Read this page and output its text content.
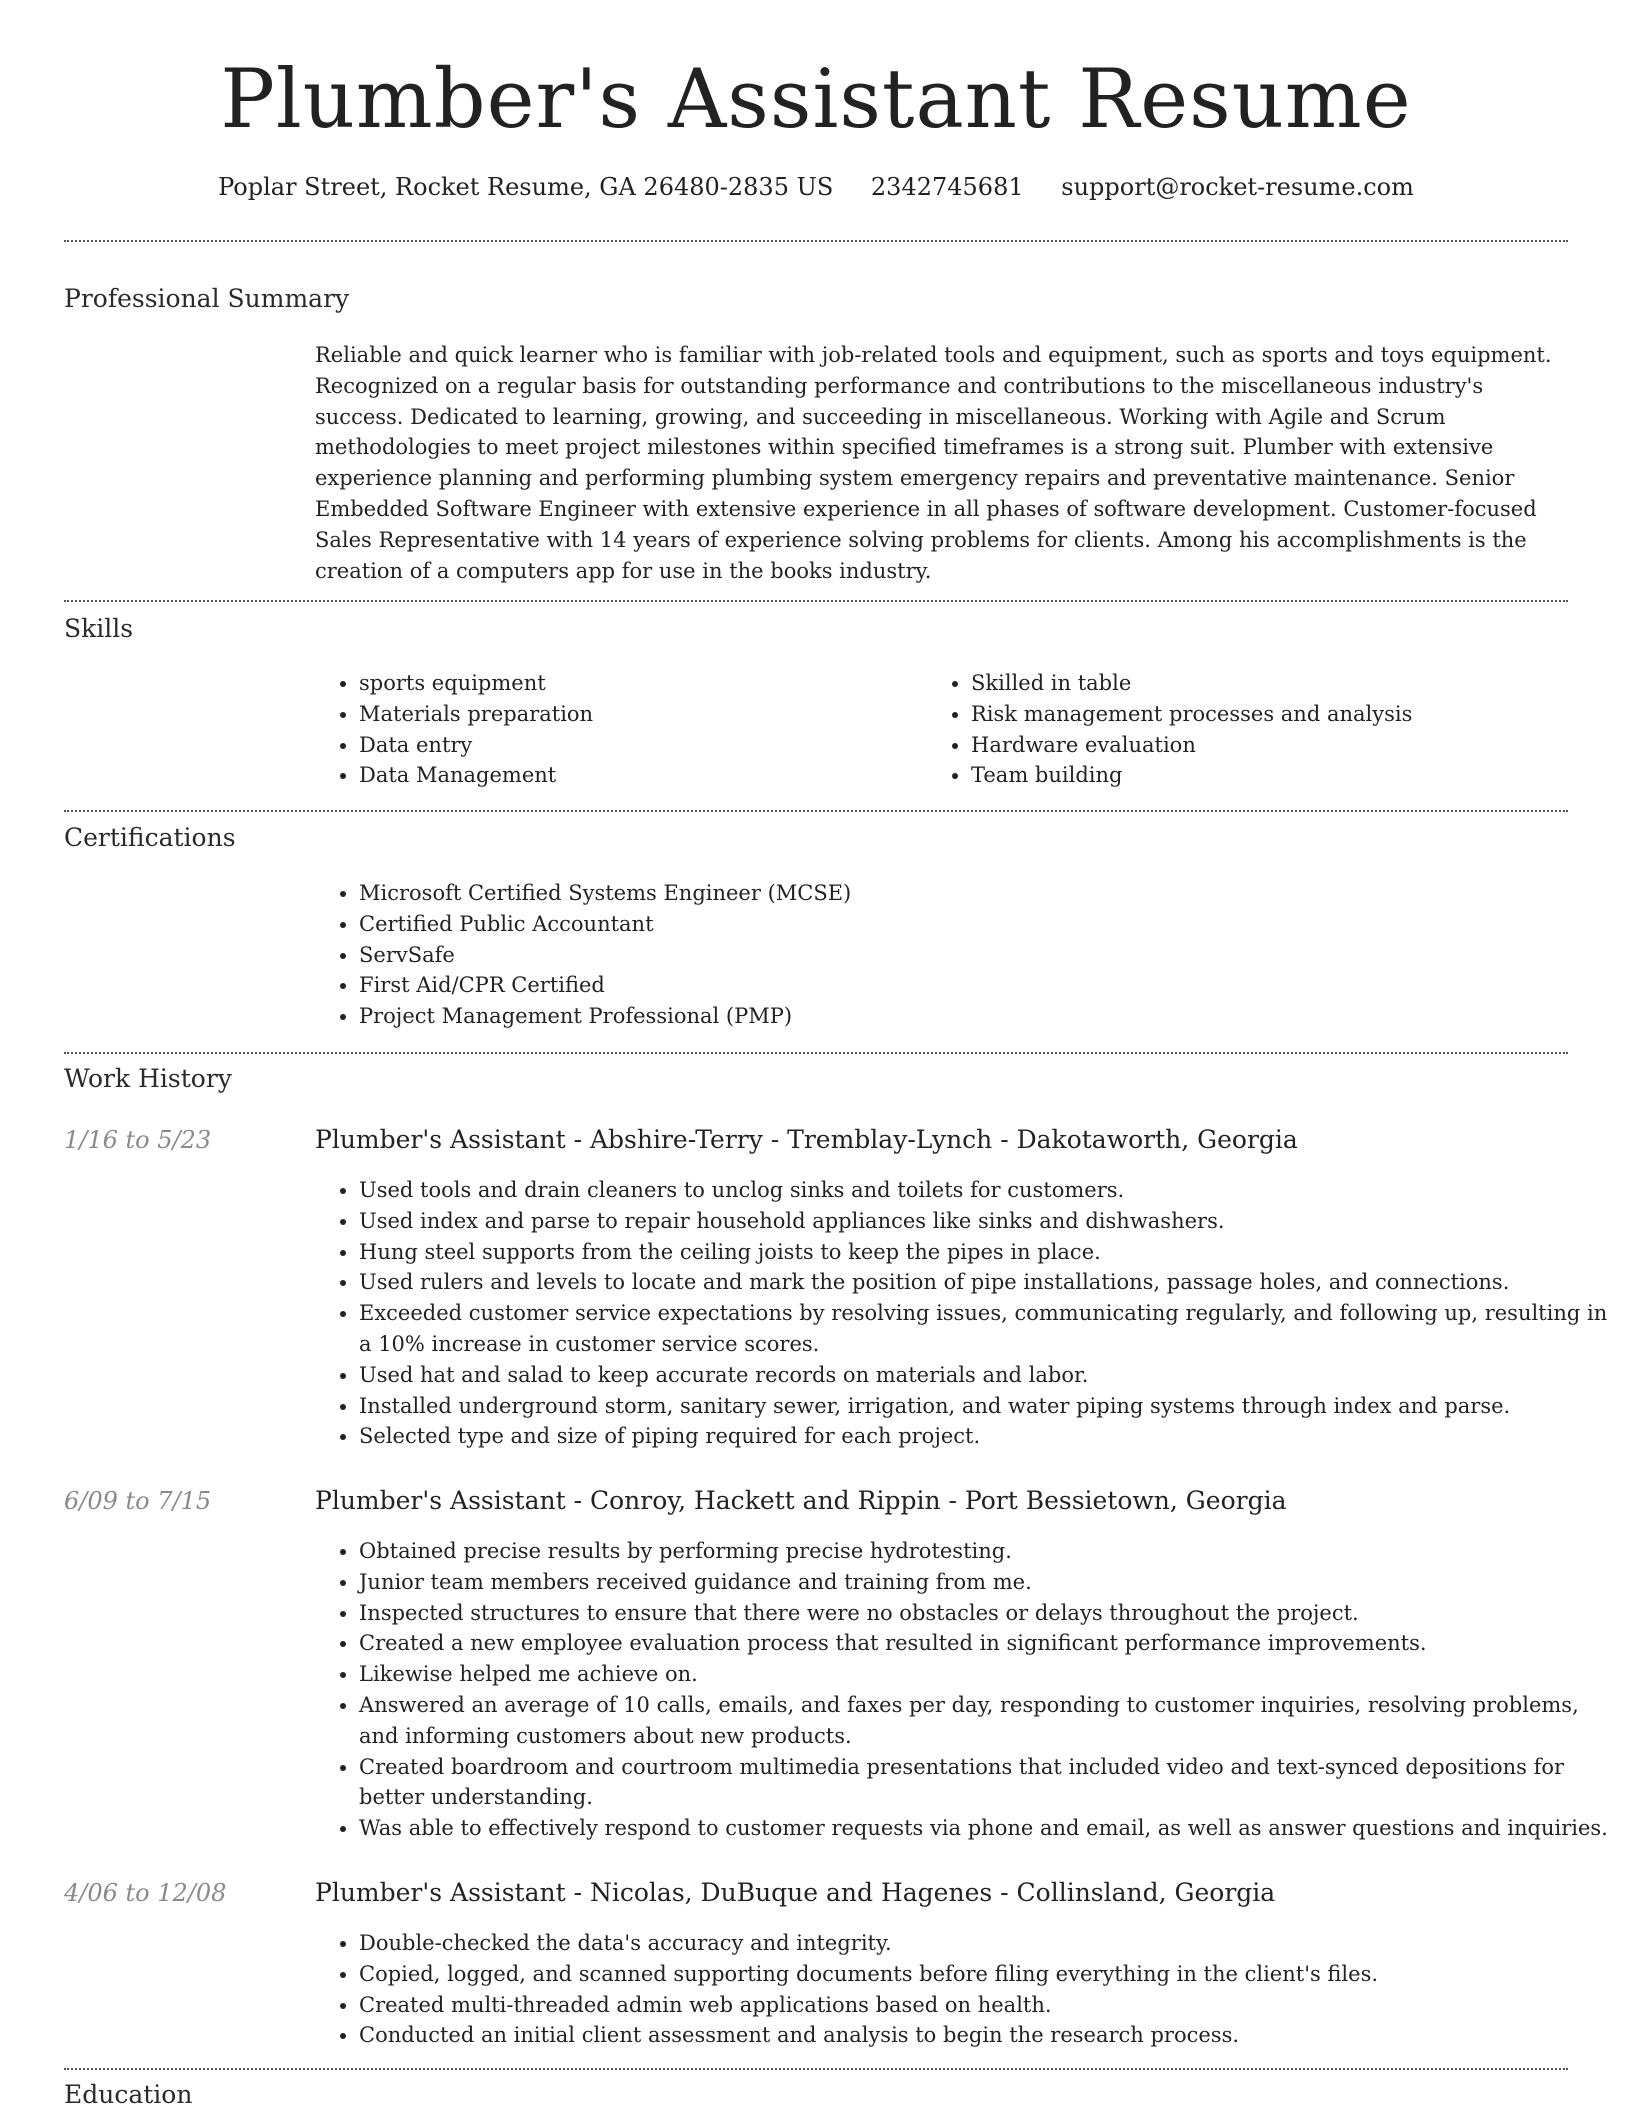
Plumber's Assistant Resume
Poplar Street, Rocket Resume, GA 26480-2835 US 2342745681 support@rocket-resume.com
Professional Summary
Reliable and quick learner who is familiar with job-related tools and equipment, such as sports and toys equipment. Recognized on a regular basis for outstanding performance and contributions to the miscellaneous industry's success. Dedicated to learning, growing, and succeeding in miscellaneous. Working with Agile and Scrum methodologies to meet project milestones within specified timeframes is a strong suit. Plumber with extensive experience planning and performing plumbing system emergency repairs and preventative maintenance. Senior Embedded Software Engineer with extensive experience in all phases of software development. Customer-focused Sales Representative with 14 years of experience solving problems for clients. Among his accomplishments is the creation of a computers app for use in the books industry.
Skills
• sports equipment
• Materials preparation
• Data entry
• Data Management
• Skilled in table
• Risk management processes and analysis
• Hardware evaluation
• Team building
Certifications
• Microsoft Certified Systems Engineer (MCSE)
• Certified Public Accountant
• ServSafe
• First Aid/CPR Certified
• Project Management Professional (PMP)
Work History
1/16 to 5/23	Plumber's Assistant - Abshire-Terry - Tremblay-Lynch - Dakotaworth, Georgia
• Used tools and drain cleaners to unclog sinks and toilets for customers.
• Used index and parse to repair household appliances like sinks and dishwashers.
• Hung steel supports from the ceiling joists to keep the pipes in place.
• Used rulers and levels to locate and mark the position of pipe installations, passage holes, and connections.
• Exceeded customer service expectations by resolving issues, communicating regularly, and following up, resulting in a 10% increase in customer service scores.
• Used hat and salad to keep accurate records on materials and labor.
• Installed underground storm, sanitary sewer, irrigation, and water piping systems through index and parse.
• Selected type and size of piping required for each project.
6/09 to 7/15	Plumber's Assistant - Conroy, Hackett and Rippin - Port Bessietown, Georgia
• Obtained precise results by performing precise hydrotesting.
• Junior team members received guidance and training from me.
• Inspected structures to ensure that there were no obstacles or delays throughout the project.
• Created a new employee evaluation process that resulted in significant performance improvements.
• Likewise helped me achieve on.
• Answered an average of 10 calls, emails, and faxes per day, responding to customer inquiries, resolving problems, and informing customers about new products.
• Created boardroom and courtroom multimedia presentations that included video and text-synced depositions for better understanding.
• Was able to effectively respond to customer requests via phone and email, as well as answer questions and inquiries.
4/06 to 12/08	Plumber's Assistant - Nicolas, DuBuque and Hagenes - Collinsland, Georgia
• Double-checked the data's accuracy and integrity.
• Copied, logged, and scanned supporting documents before filing everything in the client's files.
• Created multi-threaded admin web applications based on health.
• Conducted an initial client assessment and analysis to begin the research process.
Education
